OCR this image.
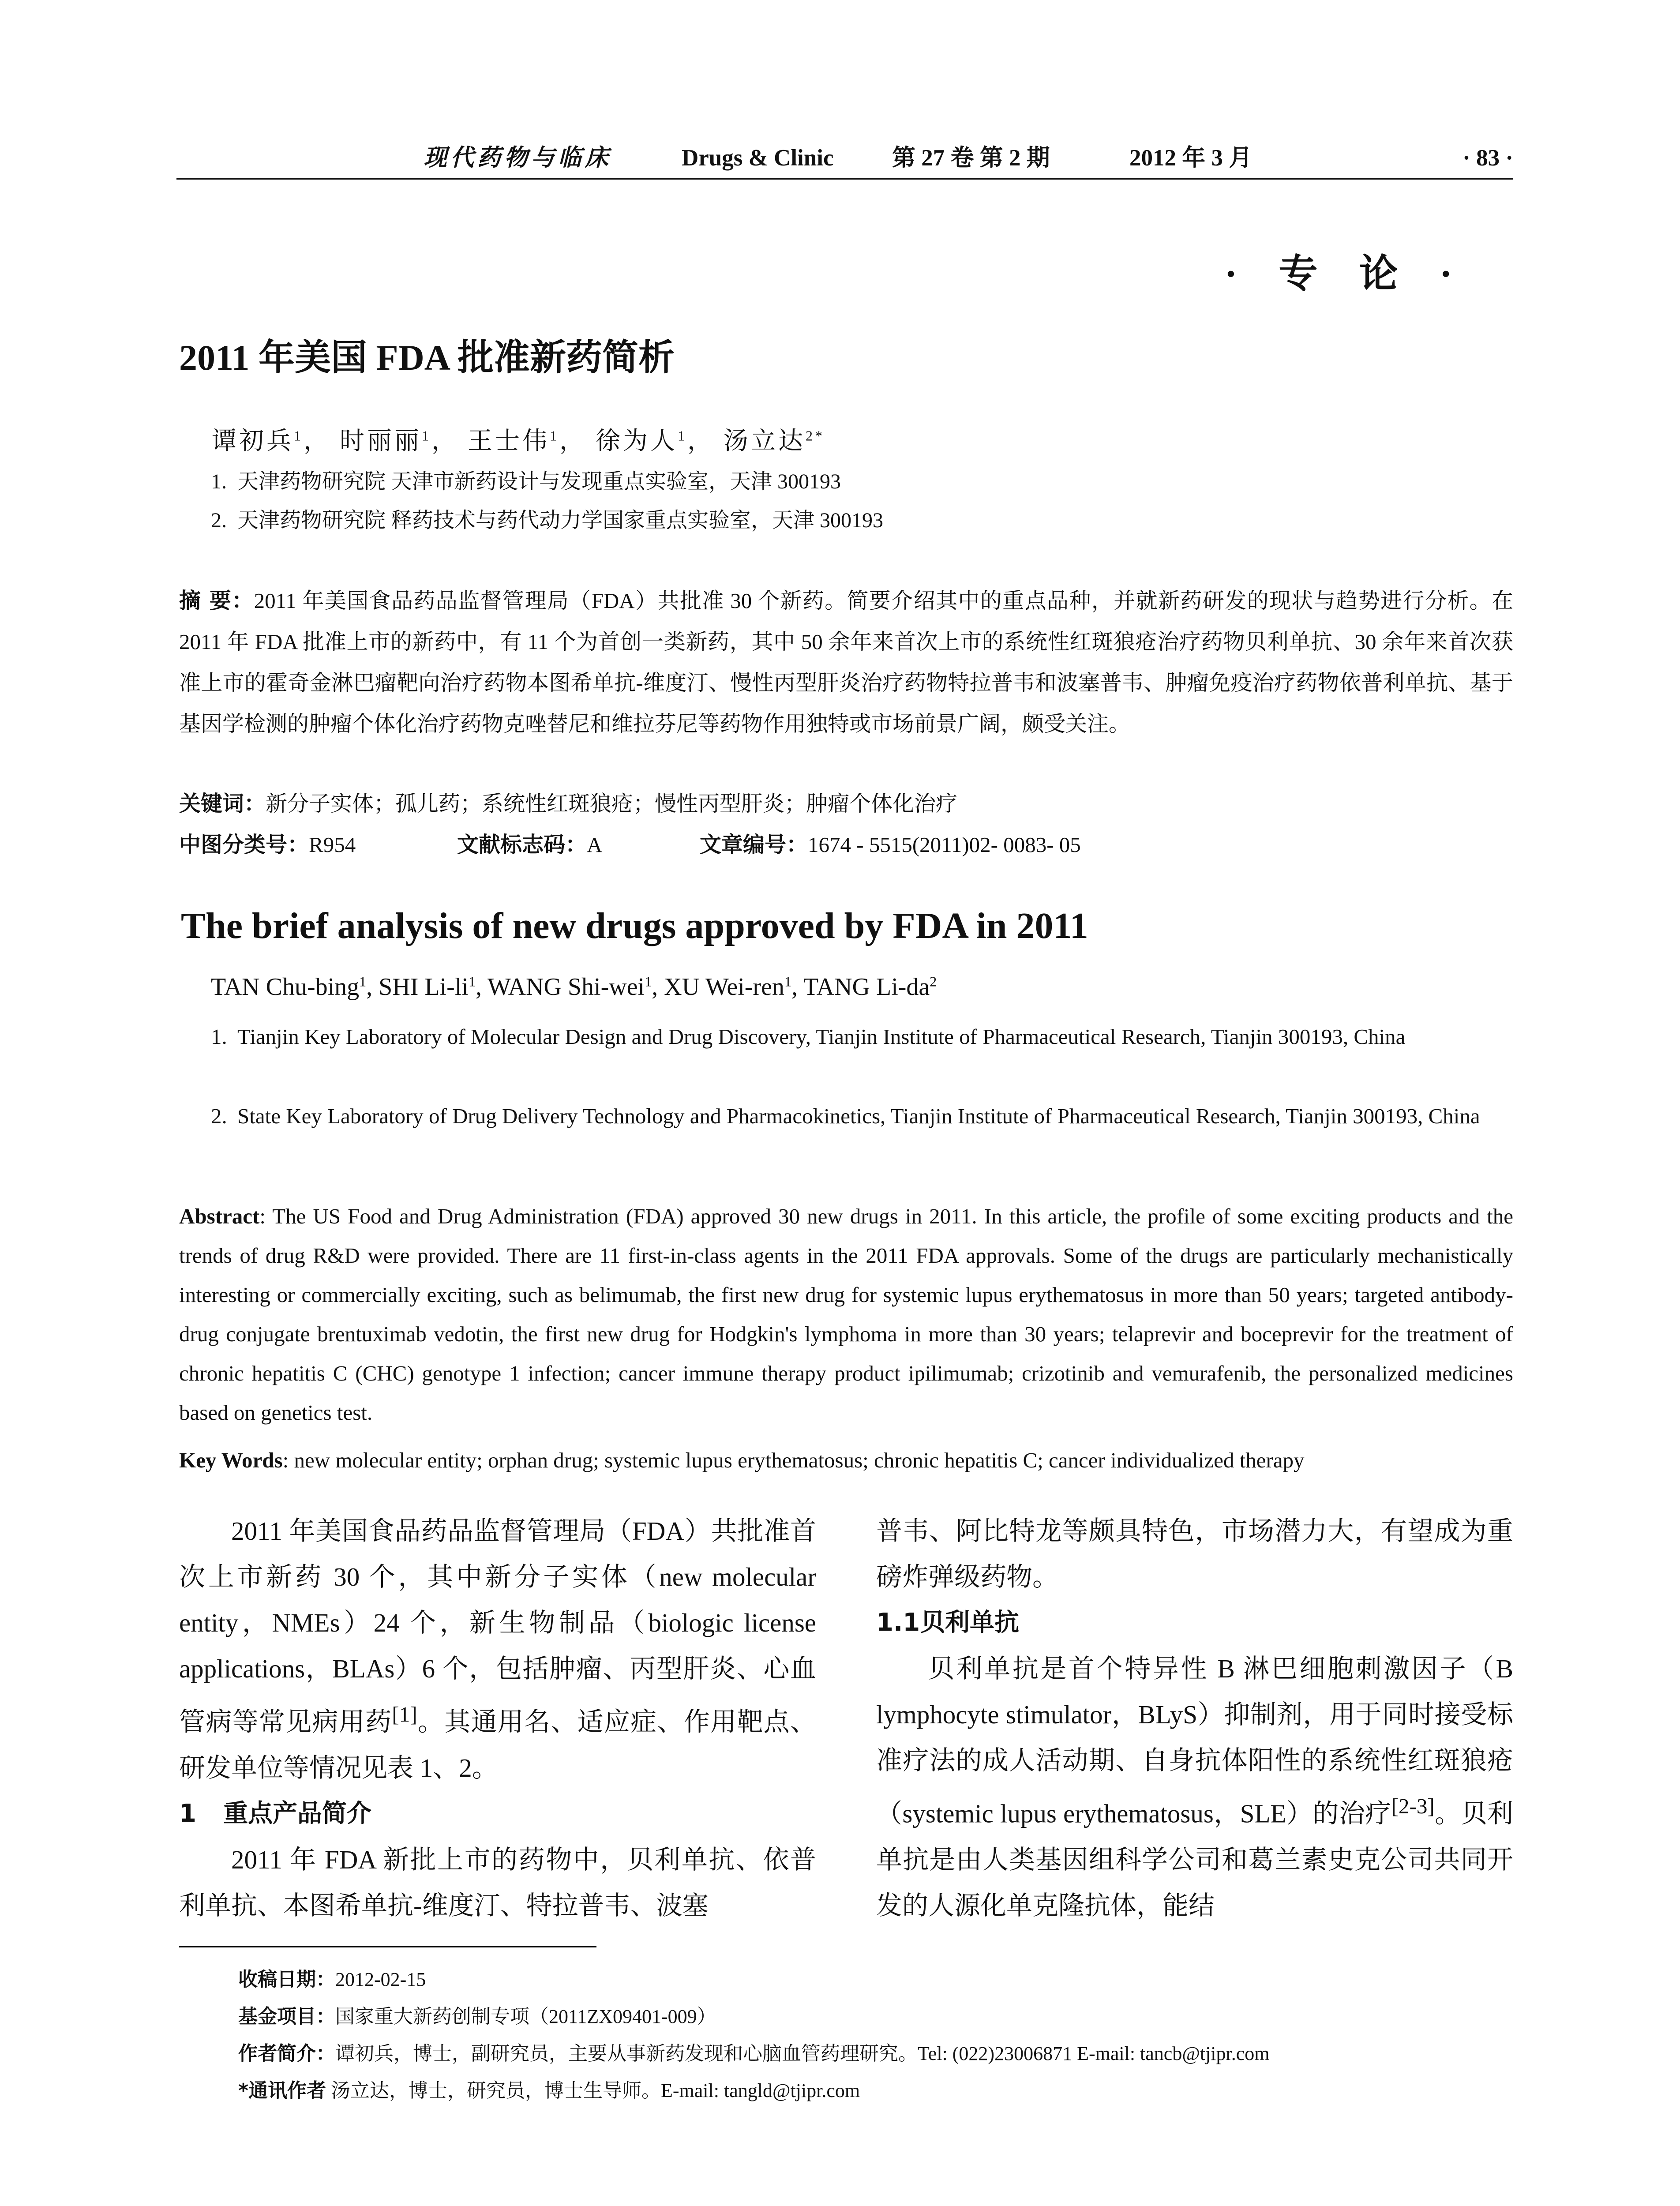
现代药物与临床	Drugs & Clinic	第 27 卷 第 2 期	2012 年 3 月	· 83 ·
· 专 论 ·
2011 年美国 FDA 批准新药简析
谭初兵$^1$， 时丽丽$^1$， 王士伟$^1$， 徐为人$^1$， 汤立达$^{2*}$
1. 天津药物研究院 天津市新药设计与发现重点实验室，天津 300193
2. 天津药物研究院 释药技术与药代动力学国家重点实验室，天津 300193
摘 要：2011 年美国食品药品监督管理局（FDA）共批准 30 个新药。简要介绍其中的重点品种，并就新药研发的现状与趋势进行分析。在 2011 年 FDA 批准上市的新药中，有 11 个为首创一类新药，其中 50 余年来首次上市的系统性红斑狼疮治疗药物贝利单抗、30 余年来首次获准上市的霍奇金淋巴瘤靶向治疗药物本图希单抗-维度汀、慢性丙型肝炎治疗药物特拉普韦和波塞普韦、肿瘤免疫治疗药物依普利单抗、基于基因学检测的肿瘤个体化治疗药物克唑替尼和维拉芬尼等药物作用独特或市场前景广阔，颇受关注。
关键词：新分子实体；孤儿药；系统性红斑狼疮；慢性丙型肝炎；肿瘤个体化治疗
中图分类号： R954	文献标志码： A	文章编号： 1674 - 5515(2011)02- 0083- 05
The brief analysis of new drugs approved by FDA in 2011
TAN Chu-bing$^1$, SHI $Li-li^1$, WANG Shi-wei$^1$, XU Wei-ren$^1$, TANG $Li-da^2$
1. Tianjin Key Laboratory of Molecular Design and Drug Discovery, Tianjin Institute of Pharmaceutical Research, Tianjin 300193, China
2. State Key Laboratory of Drug Delivery Technology and Pharmacokinetics, Tianjin Institute of Pharmaceutical Research, Tianjin 300193, China
Abstract: The US Food and Drug Administration (FDA) approved 30 new drugs in 2011. In this article, the profile of some exciting products and the trends of drug R&D were provided. There are 11 first-in-class agents in the 2011 FDA approvals. Some of the drugs are particularly mechanistically interesting or commercially exciting, such as belimumab, the first new drug for systemic lupus erythematosus in more than 50 years; targeted antibody-drug conjugate brentuximab vedotin, the first new drug for Hodgkin's lymphoma in more than 30 years; telaprevir and boceprevir for the treatment of chronic hepatitis C (CHC) genotype 1 infection; cancer immune therapy product ipilimumab; crizotinib and vemurafenib, the personalized medicines based on genetics test.
Key Words: new molecular entity; orphan drug; systemic lupus erythematosus; chronic hepatitis C; cancer individualized therapy

2011 年美国食品药品监督管理局（FDA）共批准首次上市新药 30 个，其中新分子实体（new molecular entity，NMEs）24 个，新生物制品（biologic license applications，BLAs）6 个，包括肿瘤、丙型肝炎、心血管病等常见病用药[1]。其通用名、适应症、作用靶点、研发单位等情况见表 1、2。

1 重点产品简介

2011 年 FDA 新批上市的药物中，贝利单抗、依普利单抗、本图希单抗-维度汀、特拉普韦、波塞

普韦、阿比特龙等颇具特色，市场潜力大，有望成为重磅炸弹级药物。

1.1贝利单抗

贝利单抗是首个特异性 B 淋巴细胞刺激因子（B lymphocyte stimulator，BLyS）抑制剂，用于同时接受标准疗法的成人活动期、自身抗体阳性的系统性红斑狼疮（systemic lupus erythematosus，SLE）的治疗[2-3]。贝利单抗是由人类基因组科学公司和葛兰素史克公司共同开发的人源化单克隆抗体，能结

收稿日期：2012-02-15
基金项目：国家重大新药创制专项（2011ZX09401-009）
作者简介：谭初兵，博士，副研究员，主要从事新药发现和心脑血管药理研究。Tel: (022)23006871 E-mail: tancb@tjipr.com
*通讯作者 汤立达，博士，研究员，博士生导师。E-mail: tangld@tjipr.com
